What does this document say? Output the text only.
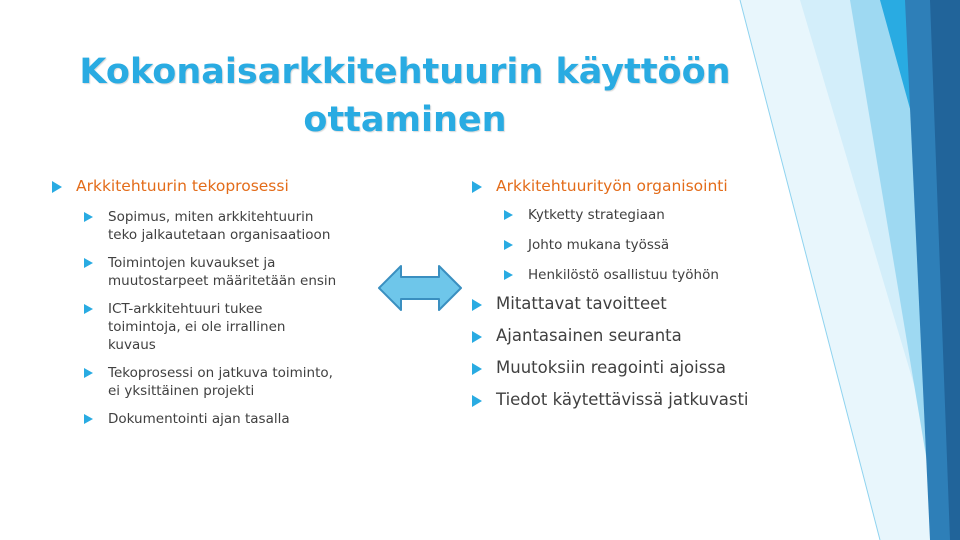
Kokonaisarkkitehtuurin käyttöön
ottaminen
Arkkitehtuurin tekoprosessi
Sopimus, miten arkkitehtuurin
teko jalkautetaan organisaatioon
Toimintojen kuvaukset ja
muutostarpeet määritetään ensin
ICT-arkkitehtuuri tukee
toimintoja, ei ole irrallinen
kuvaus
Tekoprosessi on jatkuva toiminto,
ei yksittäinen projekti
Dokumentointi ajan tasalla
Arkkitehtuurityön organisointi
Kytketty strategiaan
Johto mukana työssä
Henkilöstö osallistuu työhön
Mitattavat tavoitteet
Ajantasainen seuranta
Muutoksiin reagointi ajoissa
Tiedot käytettävissä jatkuvasti
